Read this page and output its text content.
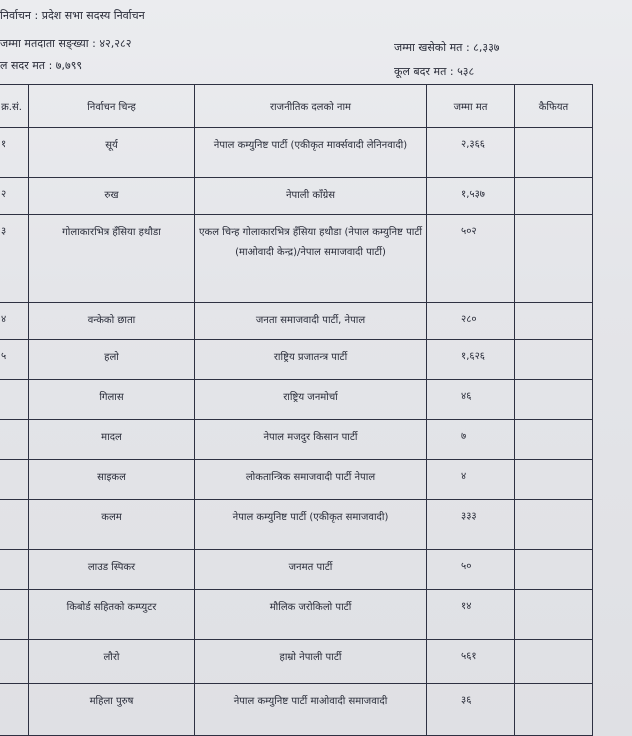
निर्वाचन : प्रदेश सभा सदस्य निर्वाचन
जम्मा मतदाता सङ्ख्या : ४२,२८२
ल सदर मत : ७,७९९
जम्मा खसेको मत : ८,३३७
कूल बदर मत : ५३८
क्र.सं.	निर्वाचन चिन्ह	राजनीतिक दलको नाम	जम्मा मत	कैफियत
१	सूर्य	नेपाल कम्युनिष्ट पार्टी (एकीकृत मार्क्सवादी लेनिनवादी)	२,३६६	
२	रुख	नेपाली काँग्रेस	१,५३७	
३	गोलाकारभित्र हँसिया हथौडा	एकल चिन्ह गोलाकारभित्र हँसिया हथौडा (नेपाल कम्युनिष्ट पार्टी (माओवादी केन्द्र)/नेपाल समाजवादी पार्टी)	५०२	
४	वन्केको छाता	जनता समाजवादी पार्टी, नेपाल	२८०	
५	हलो	राष्ट्रिय प्रजातन्त्र पार्टी	१,६२६	
	गिलास	राष्ट्रिय जनमोर्चा	४६	
	मादल	नेपाल मजदुर किसान पार्टी	७	
	साइकल	लोकतान्त्रिक समाजवादी पार्टी नेपाल	४	
	कलम	नेपाल कम्युनिष्ट पार्टी (एकीकृत समाजवादी)	३३३	
	लाउड स्पिकर	जनमत पार्टी	५०	
	किबोर्ड सहितको कम्प्युटर	मौलिक जरोकिलो पार्टी	१४	
	लौरो	हाम्रो नेपाली पार्टी	५६१	
	महिला पुरुष	नेपाल कम्युनिष्ट पार्टी माओवादी समाजवादी	३६	
